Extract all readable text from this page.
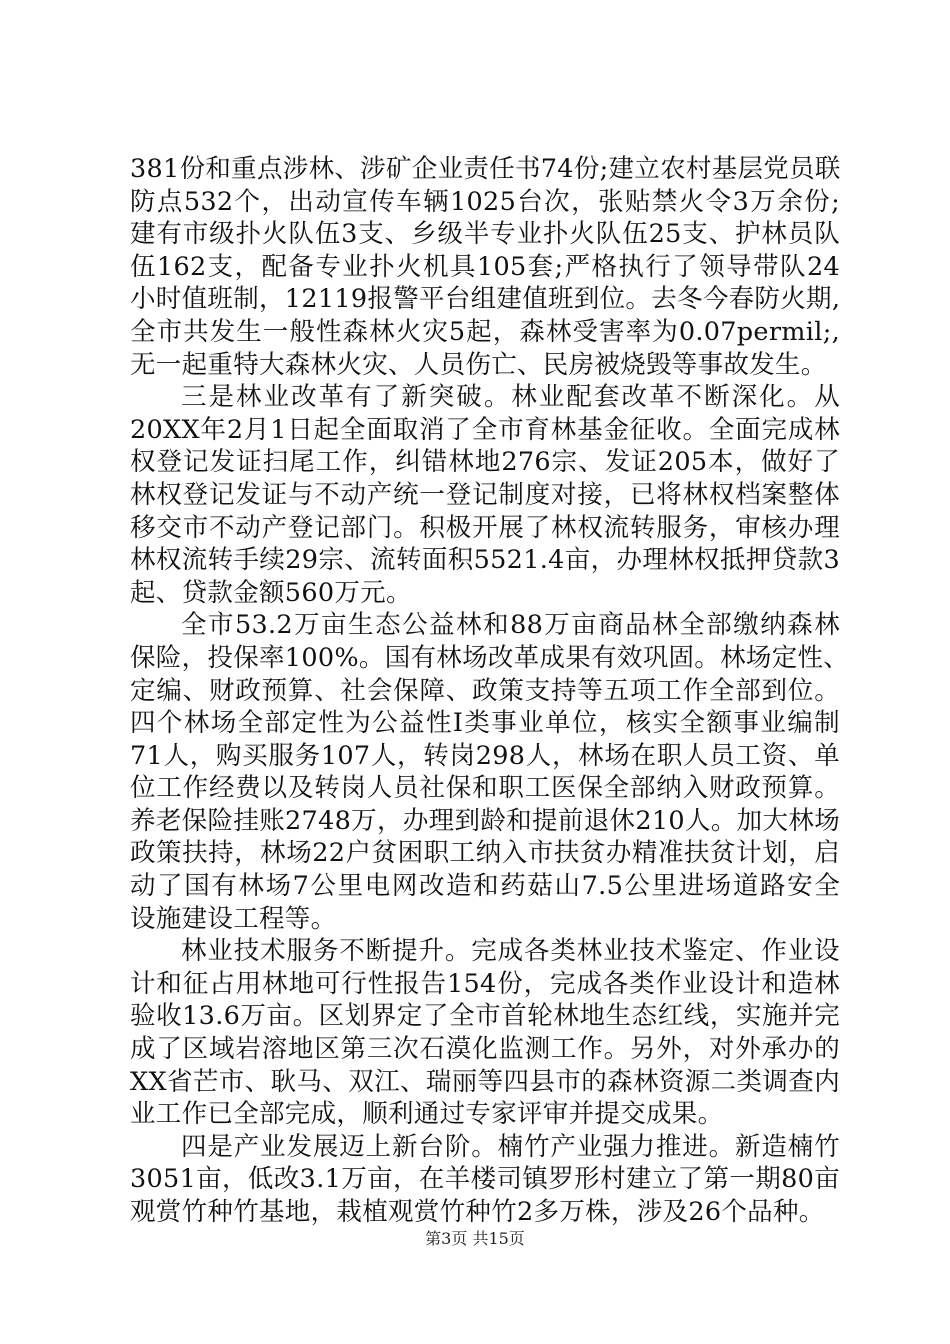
381份和重点涉林、涉矿企业责任书74份;建立农村基层党员联
防点532个，出动宣传车辆1025台次，张贴禁火令3万余份;
建有市级扑火队伍3支、乡级半专业扑火队伍25支、护林员队
伍162支，配备专业扑火机具105套;严格执行了领导带队24
小时值班制，12119报警平台组建值班到位。去冬今春防火期,
全市共发生一般性森林火灾5起，森林受害率为0.07permil;,
无一起重特大森林火灾、人员伤亡、民房被烧毁等事故发生。
三是林业改革有了新突破。林业配套改革不断深化。从
20XX年2月1日起全面取消了全市育林基金征收。全面完成林
权登记发证扫尾工作，纠错林地276宗、发证205本，做好了
林权登记发证与不动产统一登记制度对接，已将林权档案整体
移交市不动产登记部门。积极开展了林权流转服务，审核办理
林权流转手续29宗、流转面积5521.4亩，办理林权抵押贷款3
起、贷款金额560万元。
全市53.2万亩生态公益林和88万亩商品林全部缴纳森林
保险，投保率100%。国有林场改革成果有效巩固。林场定性、
定编、财政预算、社会保障、政策支持等五项工作全部到位。
四个林场全部定性为公益性Ⅰ类事业单位，核实全额事业编制
71人，购买服务107人，转岗298人，林场在职人员工资、单
位工作经费以及转岗人员社保和职工医保全部纳入财政预算。
养老保险挂账2748万，办理到龄和提前退休210人。加大林场
政策扶持，林场22户贫困职工纳入市扶贫办精准扶贫计划，启
动了国有林场7公里电网改造和药菇山7.5公里进场道路安全
设施建设工程等。
林业技术服务不断提升。完成各类林业技术鉴定、作业设
计和征占用林地可行性报告154份，完成各类作业设计和造林
验收13.6万亩。区划界定了全市首轮林地生态红线，实施并完
成了区域岩溶地区第三次石漠化监测工作。另外，对外承办的
XX省芒市、耿马、双江、瑞丽等四县市的森林资源二类调查内
业工作已全部完成，顺利通过专家评审并提交成果。
四是产业发展迈上新台阶。楠竹产业强力推进。新造楠竹
3051亩，低改3.1万亩，在羊楼司镇罗形村建立了第一期80亩
观赏竹种竹基地，栽植观赏竹种竹2多万株，涉及26个品种。
第3页 共15页
